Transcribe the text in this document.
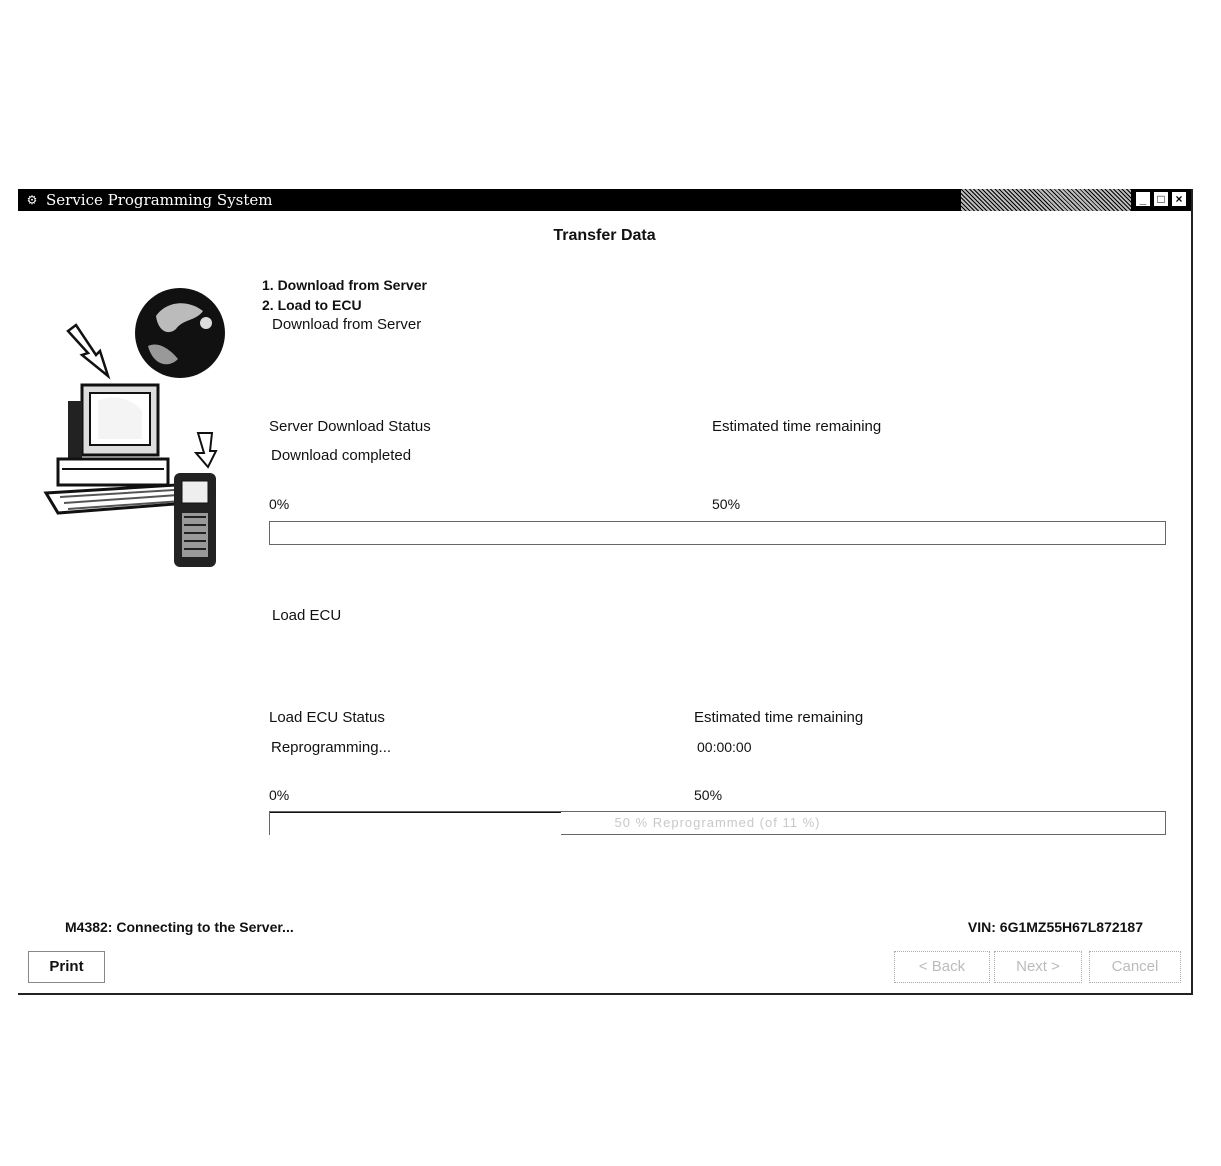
⚙ Service Programming System	_ □ ×
Transfer Data
1. Download from Server
2. Load to ECU
Download from Server
Server Download Status	Estimated time remaining
Download completed
0%	50%
Load ECU
Load ECU Status	Estimated time remaining
Reprogramming...	00:00:00
0%	50%
50 % Reprogrammed (of 11 %)
M4382: Connecting to the Server...	VIN: 6G1MZ55H67L872187
Print	< Back	Next >	Cancel
